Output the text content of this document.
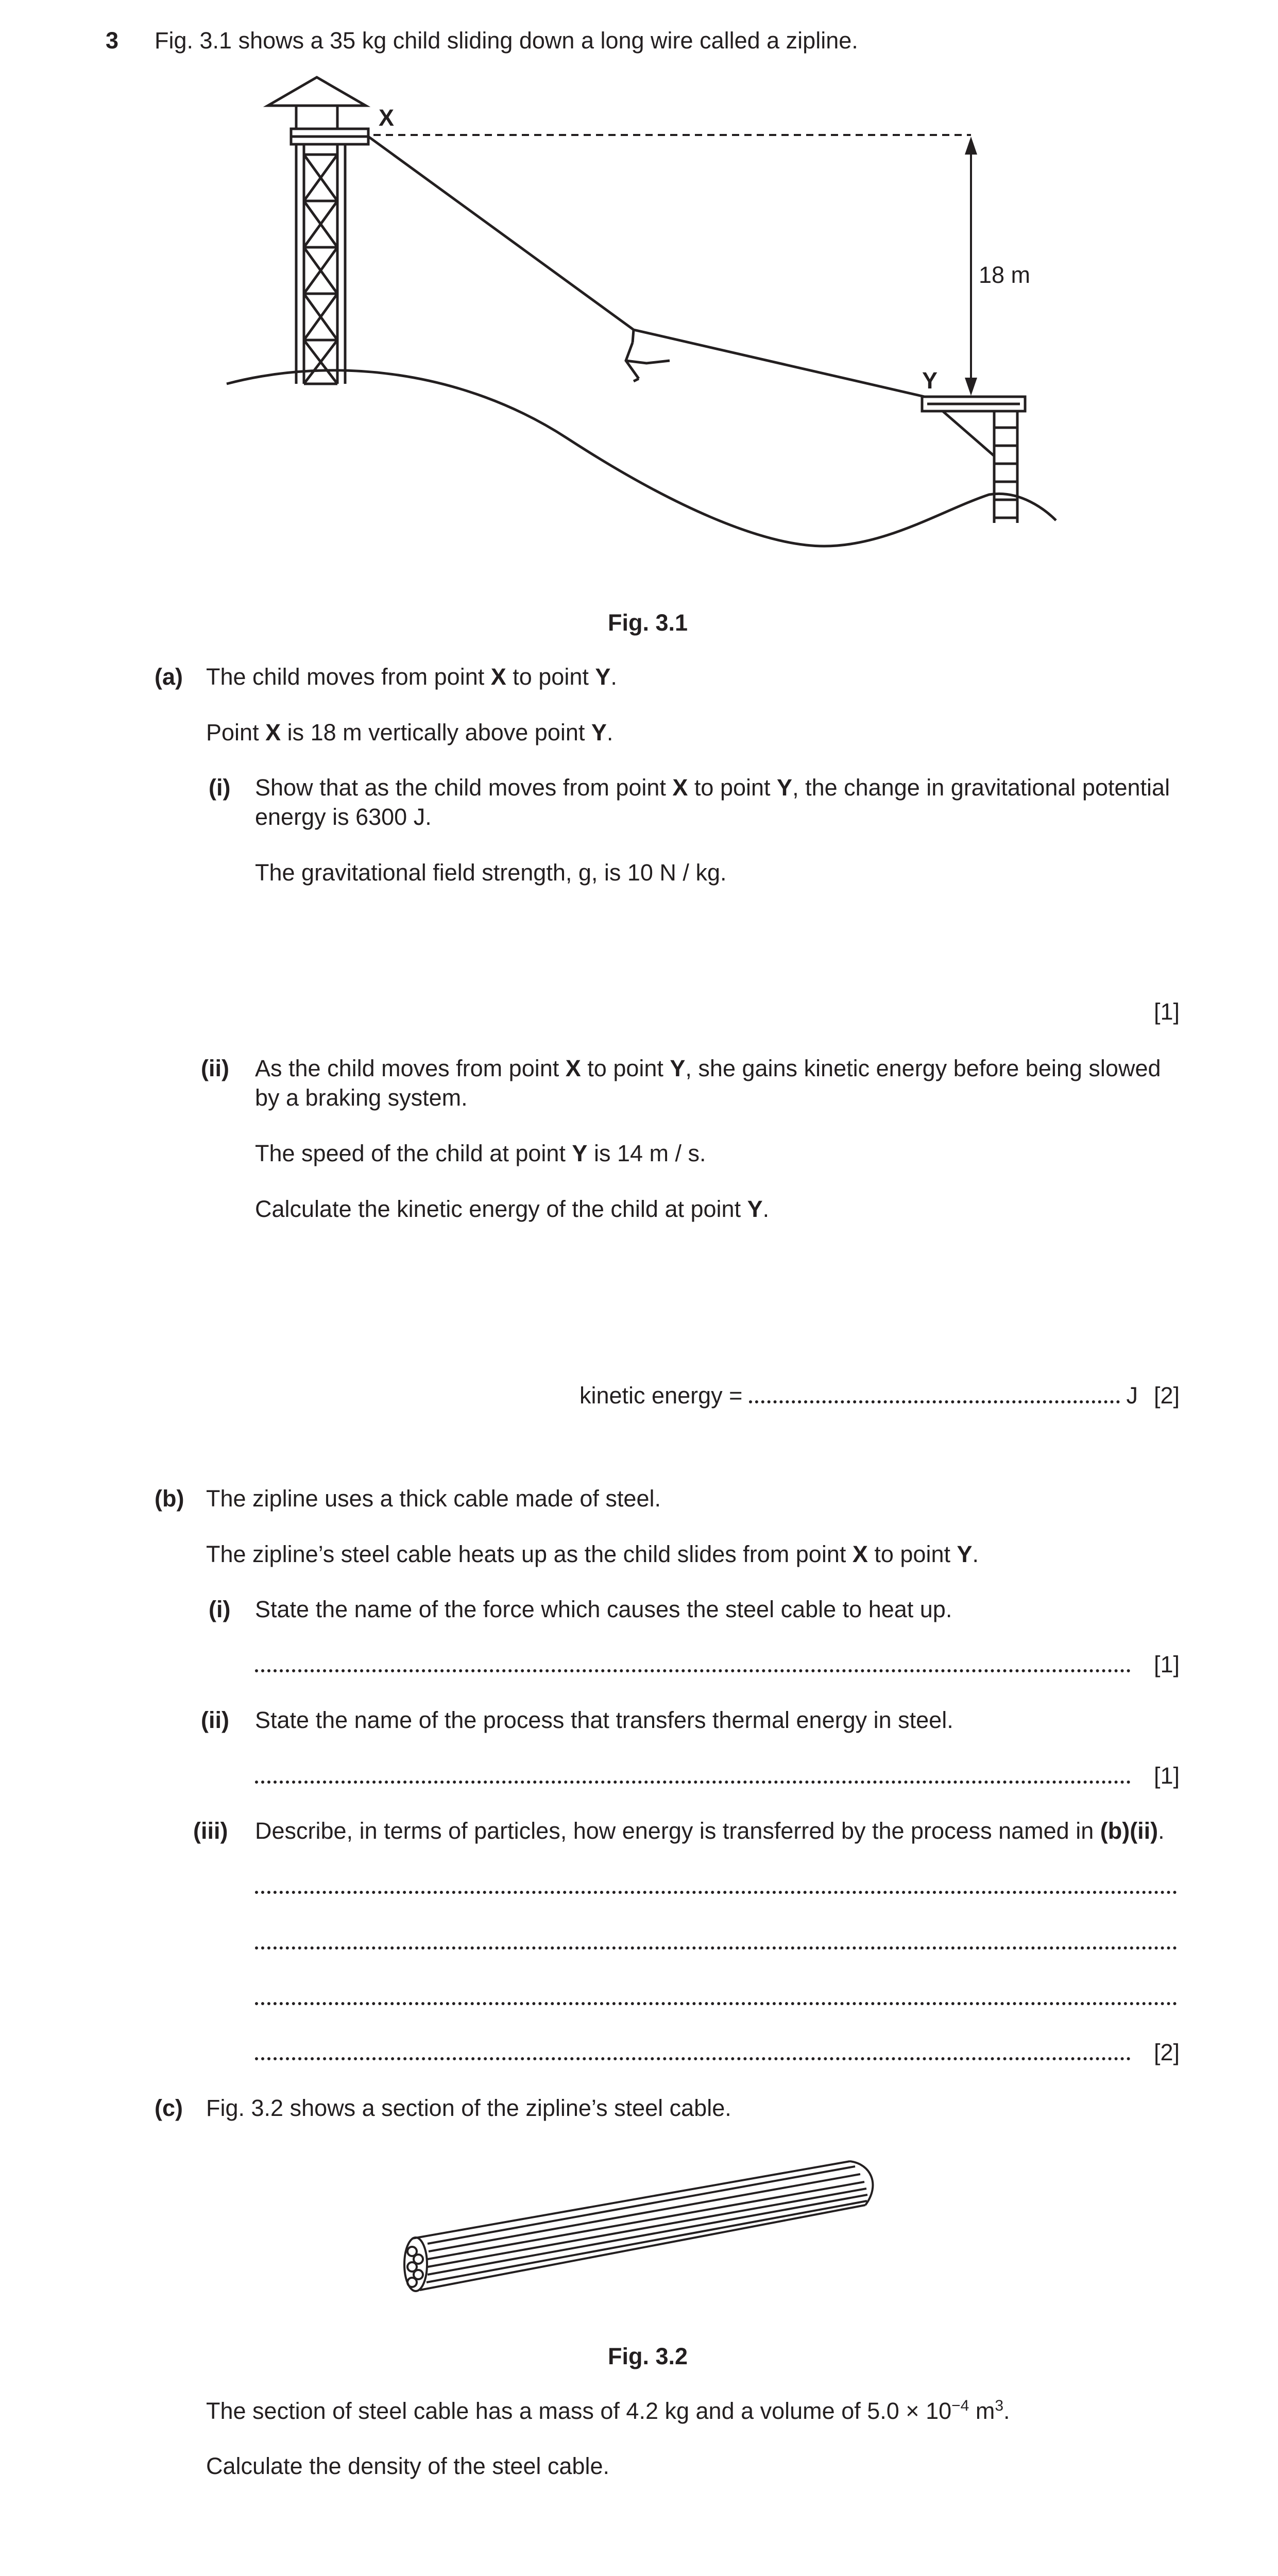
3 Fig. 3.1 shows a 35 kg child sliding down a long wire called a zipline.
X
Y
18 m
Fig. 3.1
(a) The child moves from point X to point Y.
Point X is 18 m vertically above point Y.
(i) Show that as the child moves from point X to point Y, the change in gravitational potential
energy is 6300 J.
The gravitational field strength, g, is 10 N / kg.
[1]
(ii) As the child moves from point X to point Y, she gains kinetic energy before being slowed
by a braking system.
The speed of the child at point Y is 14 m / s.
Calculate the kinetic energy of the child at point Y.
kinetic energy =	J [2]
(b) The zipline uses a thick cable made of steel.
The zipline’s steel cable heats up as the child slides from point X to point Y.
(i) State the name of the force which causes the steel cable to heat up.
[1]
(ii) State the name of the process that transfers thermal energy in steel.
[1]
(iii) Describe, in terms of particles, how energy is transferred by the process named in (b)(ii).
[2]
(c) Fig. 3.2 shows a section of the zipline’s steel cable.
Fig. 3.2
The section of steel cable has a mass of 4.2 kg and a volume of $5.0 \times 10^{-4}$ $m^3$.
Calculate the density of the steel cable.
